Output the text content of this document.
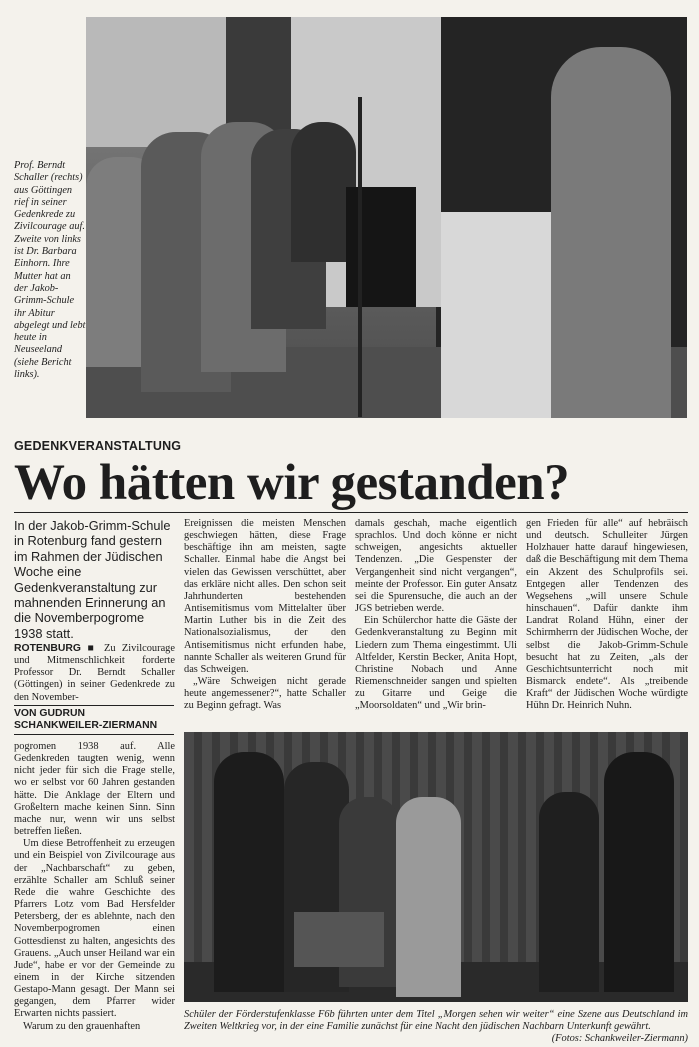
Prof. Berndt Schaller (rechts) aus Göttingen rief in seiner Gedenkrede zu Zivilcourage auf. Zweite von links ist Dr. Barbara Einhorn. Ihre Mutter hat an der Jakob-Grimm-Schule ihr Abitur abgelegt und lebt heute in Neuseeland (siehe Bericht links).

GEDENKVERANSTALTUNG

Wo hätten wir gestanden?

In der Jakob-Grimm-Schule in Rotenburg fand gestern im Rahmen der Jüdischen Woche eine Gedenkveranstaltung zur mahnenden Erinnerung an die Novemberpogrome 1938 statt.

ROTENBURG ■ Zu Zivilcourage und Mitmenschlichkeit forderte Professor Dr. Berndt Schaller (Göttingen) in seiner Gedenkrede zu den November-

VON GUDRUN SCHANKWEILER-ZIERMANN

pogromen 1938 auf. Alle Gedenkreden taugten wenig, wenn nicht jeder für sich die Frage stelle, wo er selbst vor 60 Jahren gestanden hätte. Die Anklage der Eltern und Großeltern mache keinen Sinn. Sinn mache nur, wenn wir uns selbst betreffen ließen.

Um diese Betroffenheit zu erzeugen und ein Beispiel von Zivilcourage aus der „Nachbarschaft“ zu geben, erzählte Schaller am Schluß seiner Rede die wahre Geschichte des Pfarrers Lotz vom Bad Hersfelder Petersberg, der es ablehnte, nach den Novemberpogromen einen Gottesdienst zu halten, angesichts des Grauens. „Auch unser Heiland war ein Jude“, habe er vor der Gemeinde zu einem in der Kirche sitzenden Gestapo-Mann gesagt. Der Mann sei gegangen, dem Pfarrer wider Erwarten nichts passiert.

Warum zu den grauenhaften

Ereignissen die meisten Menschen geschwiegen hätten, diese Frage beschäftige ihn am meisten, sagte Schaller. Einmal habe die Angst bei vielen das Gewissen verschüttet, aber das erkläre nicht alles. Den schon seit Jahrhunderten bestehenden Antisemitismus vom Mittelalter über Martin Luther bis in die Zeit des Nationalsozialismus, der den Antisemitismus nicht erfunden habe, nannte Schaller als weiteren Grund für das Schweigen.

„Wäre Schweigen nicht gerade heute angemessener?“, hatte Schaller zu Beginn gefragt. Was

damals geschah, mache eigentlich sprachlos. Und doch könne er nicht schweigen, angesichts aktueller Tendenzen. „Die Gespenster der Vergangenheit sind nicht vergangen“, meinte der Professor. Ein guter Ansatz sei die Spurensuche, die auch an der JGS betrieben werde.

Ein Schülerchor hatte die Gäste der Gedenkveranstaltung zu Beginn mit Liedern zum Thema eingestimmt. Uli Altfelder, Kerstin Becker, Anita Hopt, Christine Nobach und Anne Riemenschneider sangen und spielten zu Gitarre und Geige die „Moorsoldaten“ und „Wir brin-

gen Frieden für alle“ auf hebräisch und deutsch. Schulleiter Jürgen Holzhauer hatte darauf hingewiesen, daß die Beschäftigung mit dem Thema ein Akzent des Schulprofils sei. Entgegen aller Tendenzen des Wegsehens „will unsere Schule hinschauen“. Dafür dankte ihm Landrat Roland Hühn, einer der Schirmherrn der Jüdischen Woche, der selbst die Jakob-Grimm-Schule besucht hat zu Zeiten, „als der Geschichtsunterricht noch mit Bismarck endete“. Als „treibende Kraft“ der Jüdischen Woche würdigte Hühn Dr. Heinrich Nuhn.

Schüler der Förderstufenklasse F6b führten unter dem Titel „Morgen sehen wir weiter“ eine Szene aus Deutschland im Zweiten Weltkrieg vor, in der eine Familie zunächst für eine Nacht den jüdischen Nachbarn Unterkunft gewährt.
(Fotos: Schankweiler-Ziermann)
